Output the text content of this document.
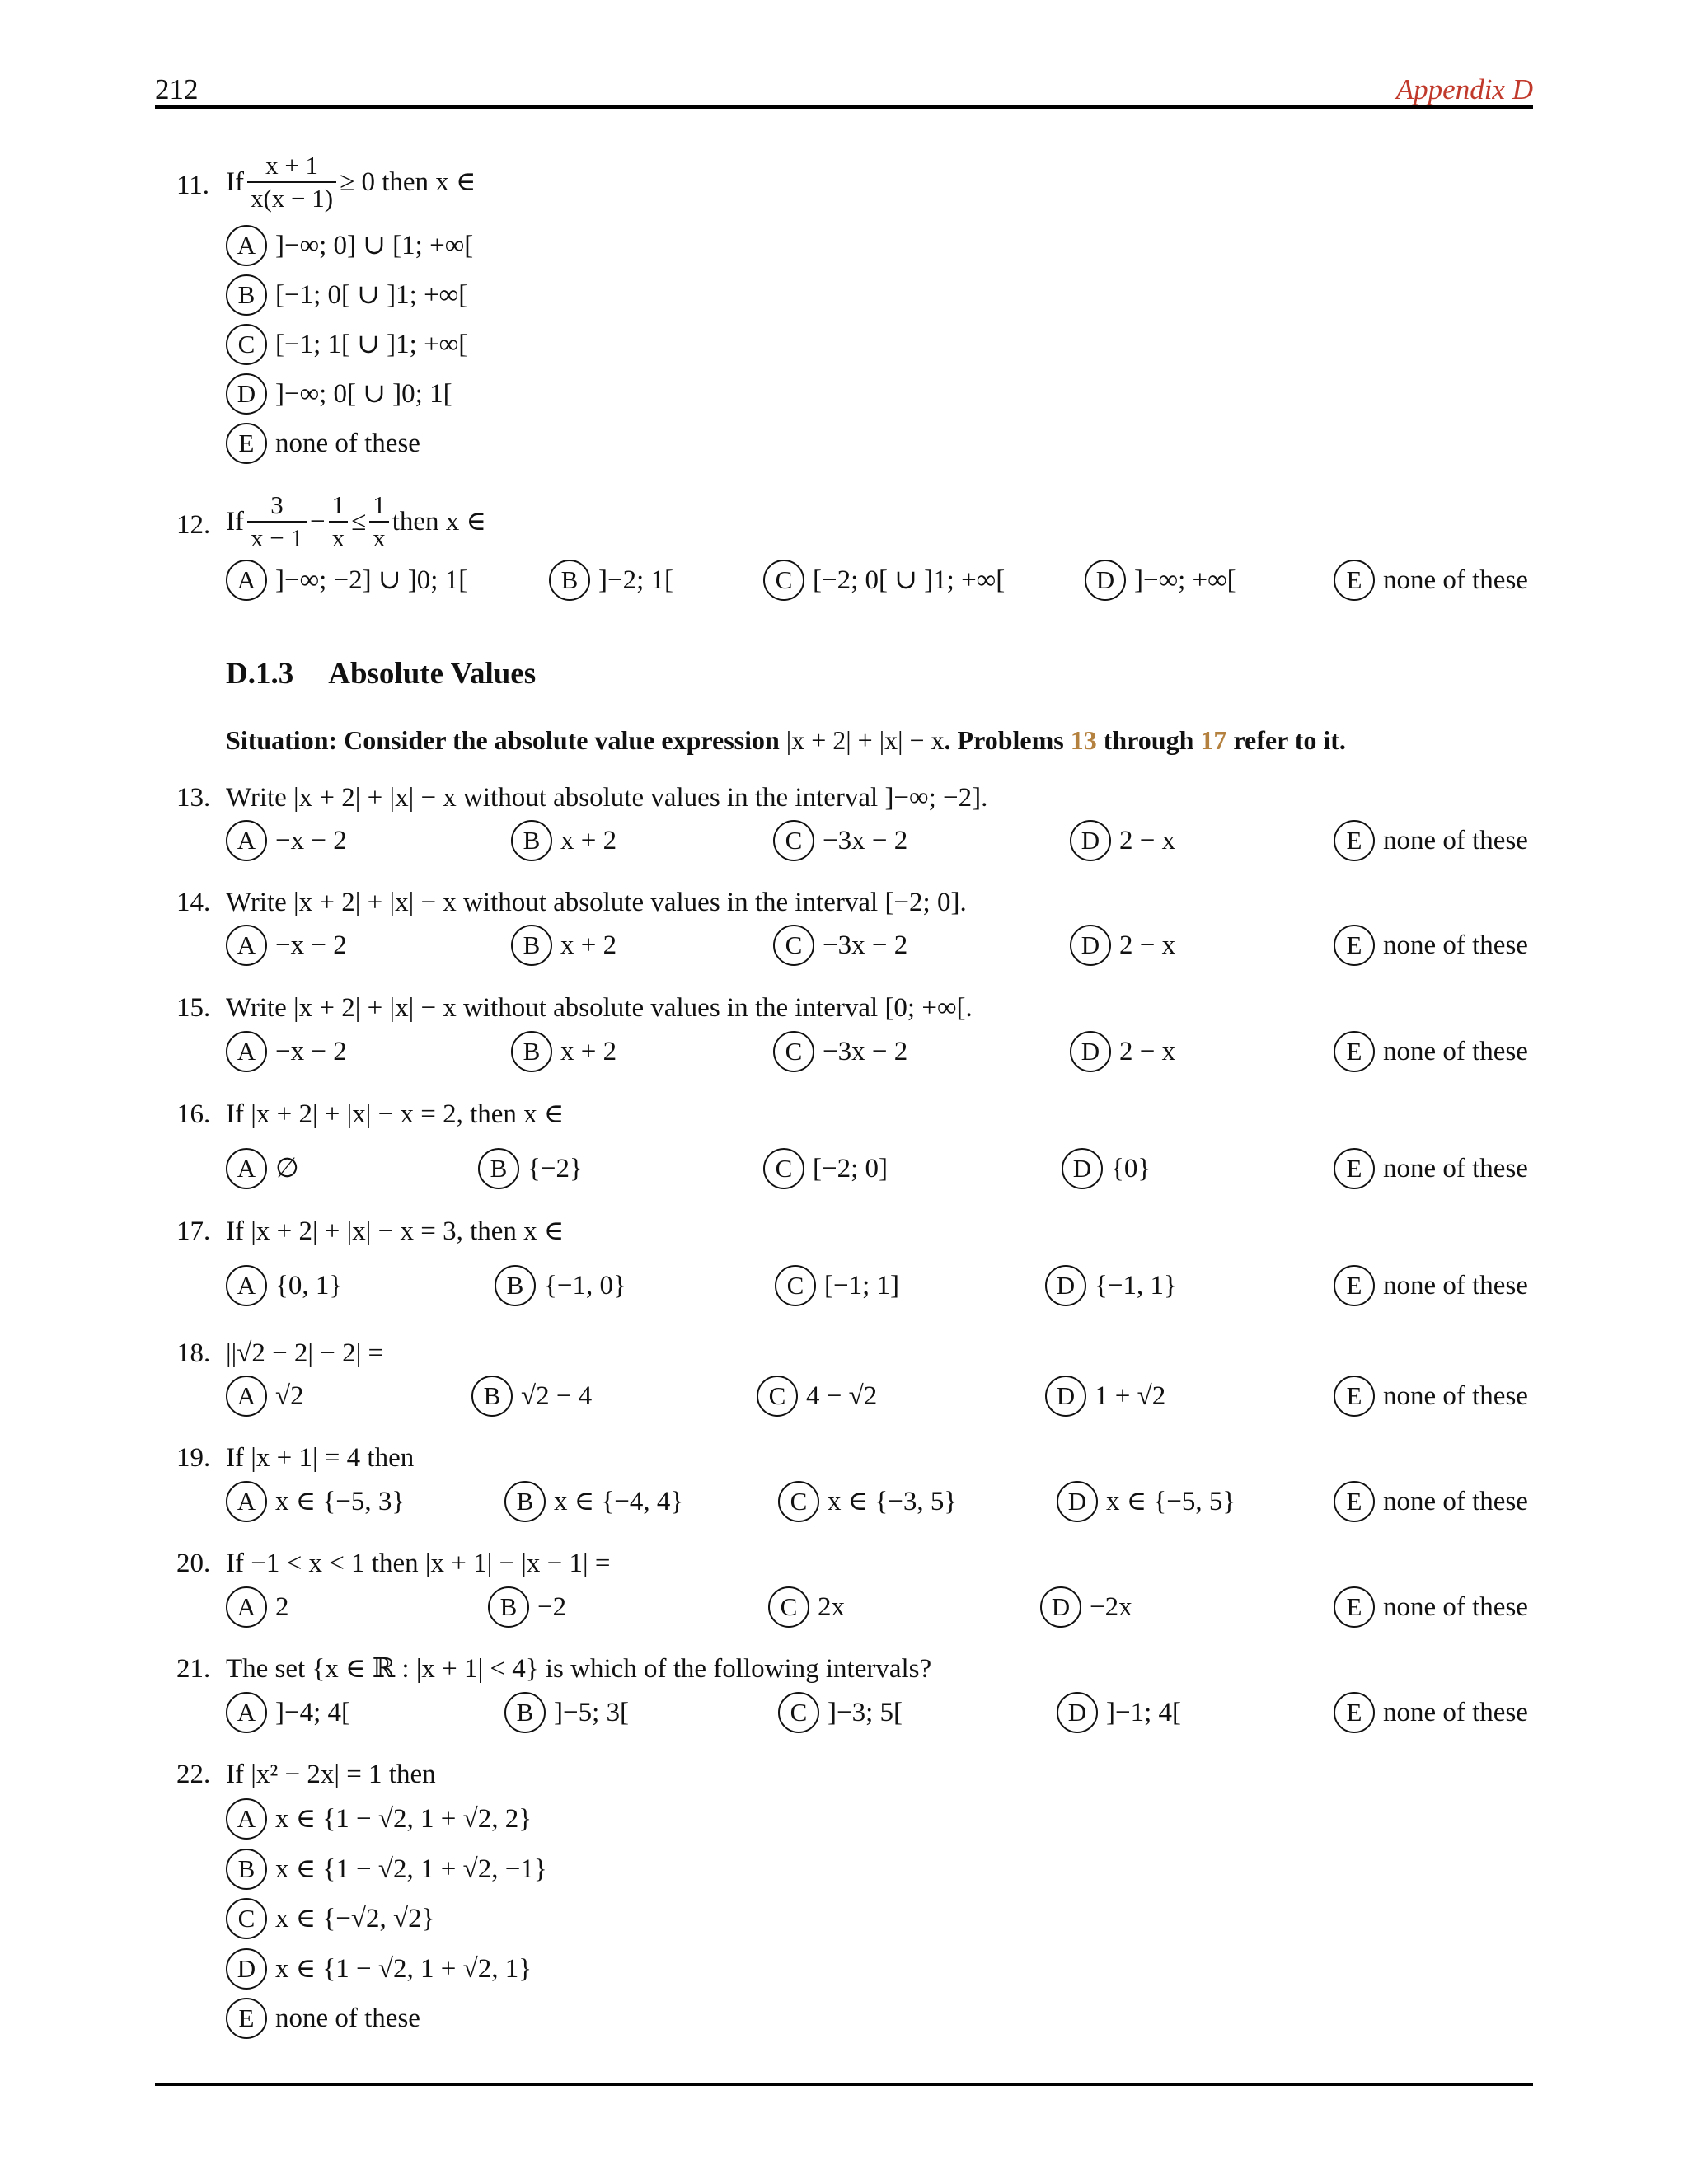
212	Appendix D
11. If $\frac{x + 1}{x(x - 1)} \ge 0$ then x ∈
A ]−∞; 0] ∪ [1; +∞[
B [−1; 0[ ∪ ]1; +∞[
C [−1; 1[ ∪ ]1; +∞[
D ]−∞; 0[ ∪ ]0; 1[
E none of these
12. If $\frac{3}{x - 1} - \frac{1}{x} \le \frac{1}{x}$ then x ∈
A ]−∞; −2] ∪ ]0; 1[	B ]−2; 1[	C [−2; 0[ ∪ ]1; +∞[	D ]−∞; +∞[	E none of these
D.1.3 Absolute Values
Situation: Consider the absolute value expression |x + 2| + |x| − x. Problems 13 through 17 refer to it.
13. Write |x + 2| + |x| − x without absolute values in the interval ]−∞; −2].
A −x − 2	B x + 2	C −3x − 2	D 2 − x	E none of these
14. Write |x + 2| + |x| − x without absolute values in the interval [−2; 0].
A −x − 2	B x + 2	C −3x − 2	D 2 − x	E none of these
15. Write |x + 2| + |x| − x without absolute values in the interval [0; +∞[.
A −x − 2	B x + 2	C −3x − 2	D 2 − x	E none of these
16. If |x + 2| + |x| − x = 2, then x ∈
A ∅	B {−2}	C [−2; 0]	D {0}	E none of these
17. If |x + 2| + |x| − x = 3, then x ∈
A {0, 1}	B {−1, 0}	C [−1; 1]	D {−1, 1}	E none of these
18. ||√2 − 2| − 2| =
A √2	B √2 − 4	C 4 − √2	D 1 + √2	E none of these
19. If |x + 1| = 4 then
A x ∈ {−5, 3}	B x ∈ {−4, 4}	C x ∈ {−3, 5}	D x ∈ {−5, 5}	E none of these
20. If −1 < x < 1 then |x + 1| − |x − 1| =
A 2	B −2	C 2x	D −2x	E none of these
21. The set {x ∈ ℝ : |x + 1| < 4} is which of the following intervals?
A ]−4; 4[	B ]−5; 3[	C ]−3; 5[	D ]−1; 4[	E none of these
22. If |x² − 2x| = 1 then
A x ∈ {1 − √2, 1 + √2, 2}
B x ∈ {1 − √2, 1 + √2, −1}
C x ∈ {−√2, √2}
D x ∈ {1 − √2, 1 + √2, 1}
E none of these
